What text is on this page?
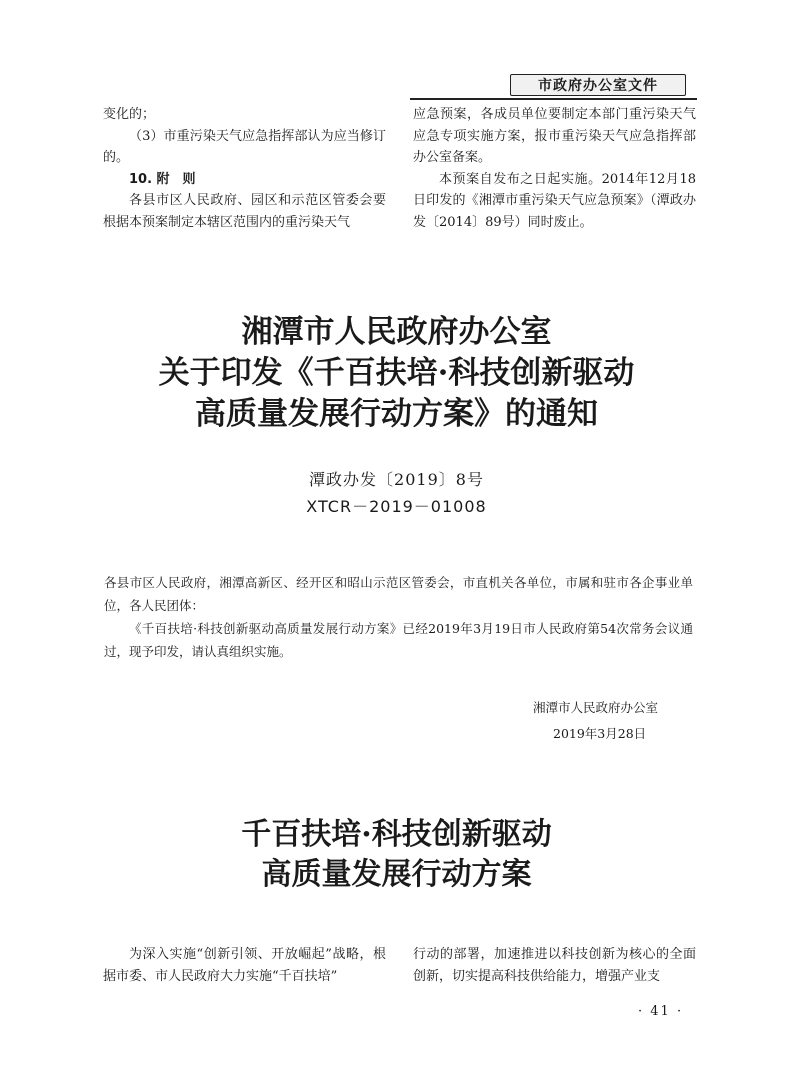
市政府办公室文件

变化的；

（3）市重污染天气应急指挥部认为应当修订的。

10. 附　则

各县市区人民政府、园区和示范区管委会要根据本预案制定本辖区范围内的重污染天气

应急预案，各成员单位要制定本部门重污染天气应急专项实施方案，报市重污染天气应急指挥部办公室备案。

本预案自发布之日起实施。2014年12月18日印发的《湘潭市重污染天气应急预案》（潭政办发〔2014〕89号）同时废止。

湘潭市人民政府办公室
关于印发《千百扶培·科技创新驱动
高质量发展行动方案》的通知
潭政办发〔2019〕8号
XTCR－2019－01008

各县市区人民政府，湘潭高新区、经开区和昭山示范区管委会，市直机关各单位，市属和驻市各企事业单位，各人民团体：

《千百扶培·科技创新驱动高质量发展行动方案》已经2019年3月19日市人民政府第54次常务会议通过，现予印发，请认真组织实施。

湘潭市人民政府办公室
2019年3月28日
千百扶培·科技创新驱动
高质量发展行动方案

为深入实施“创新引领、开放崛起”战略，根据市委、市人民政府大力实施“千百扶培”

行动的部署，加速推进以科技创新为核心的全面创新，切实提高科技供给能力，增强产业支

· 41 ·
